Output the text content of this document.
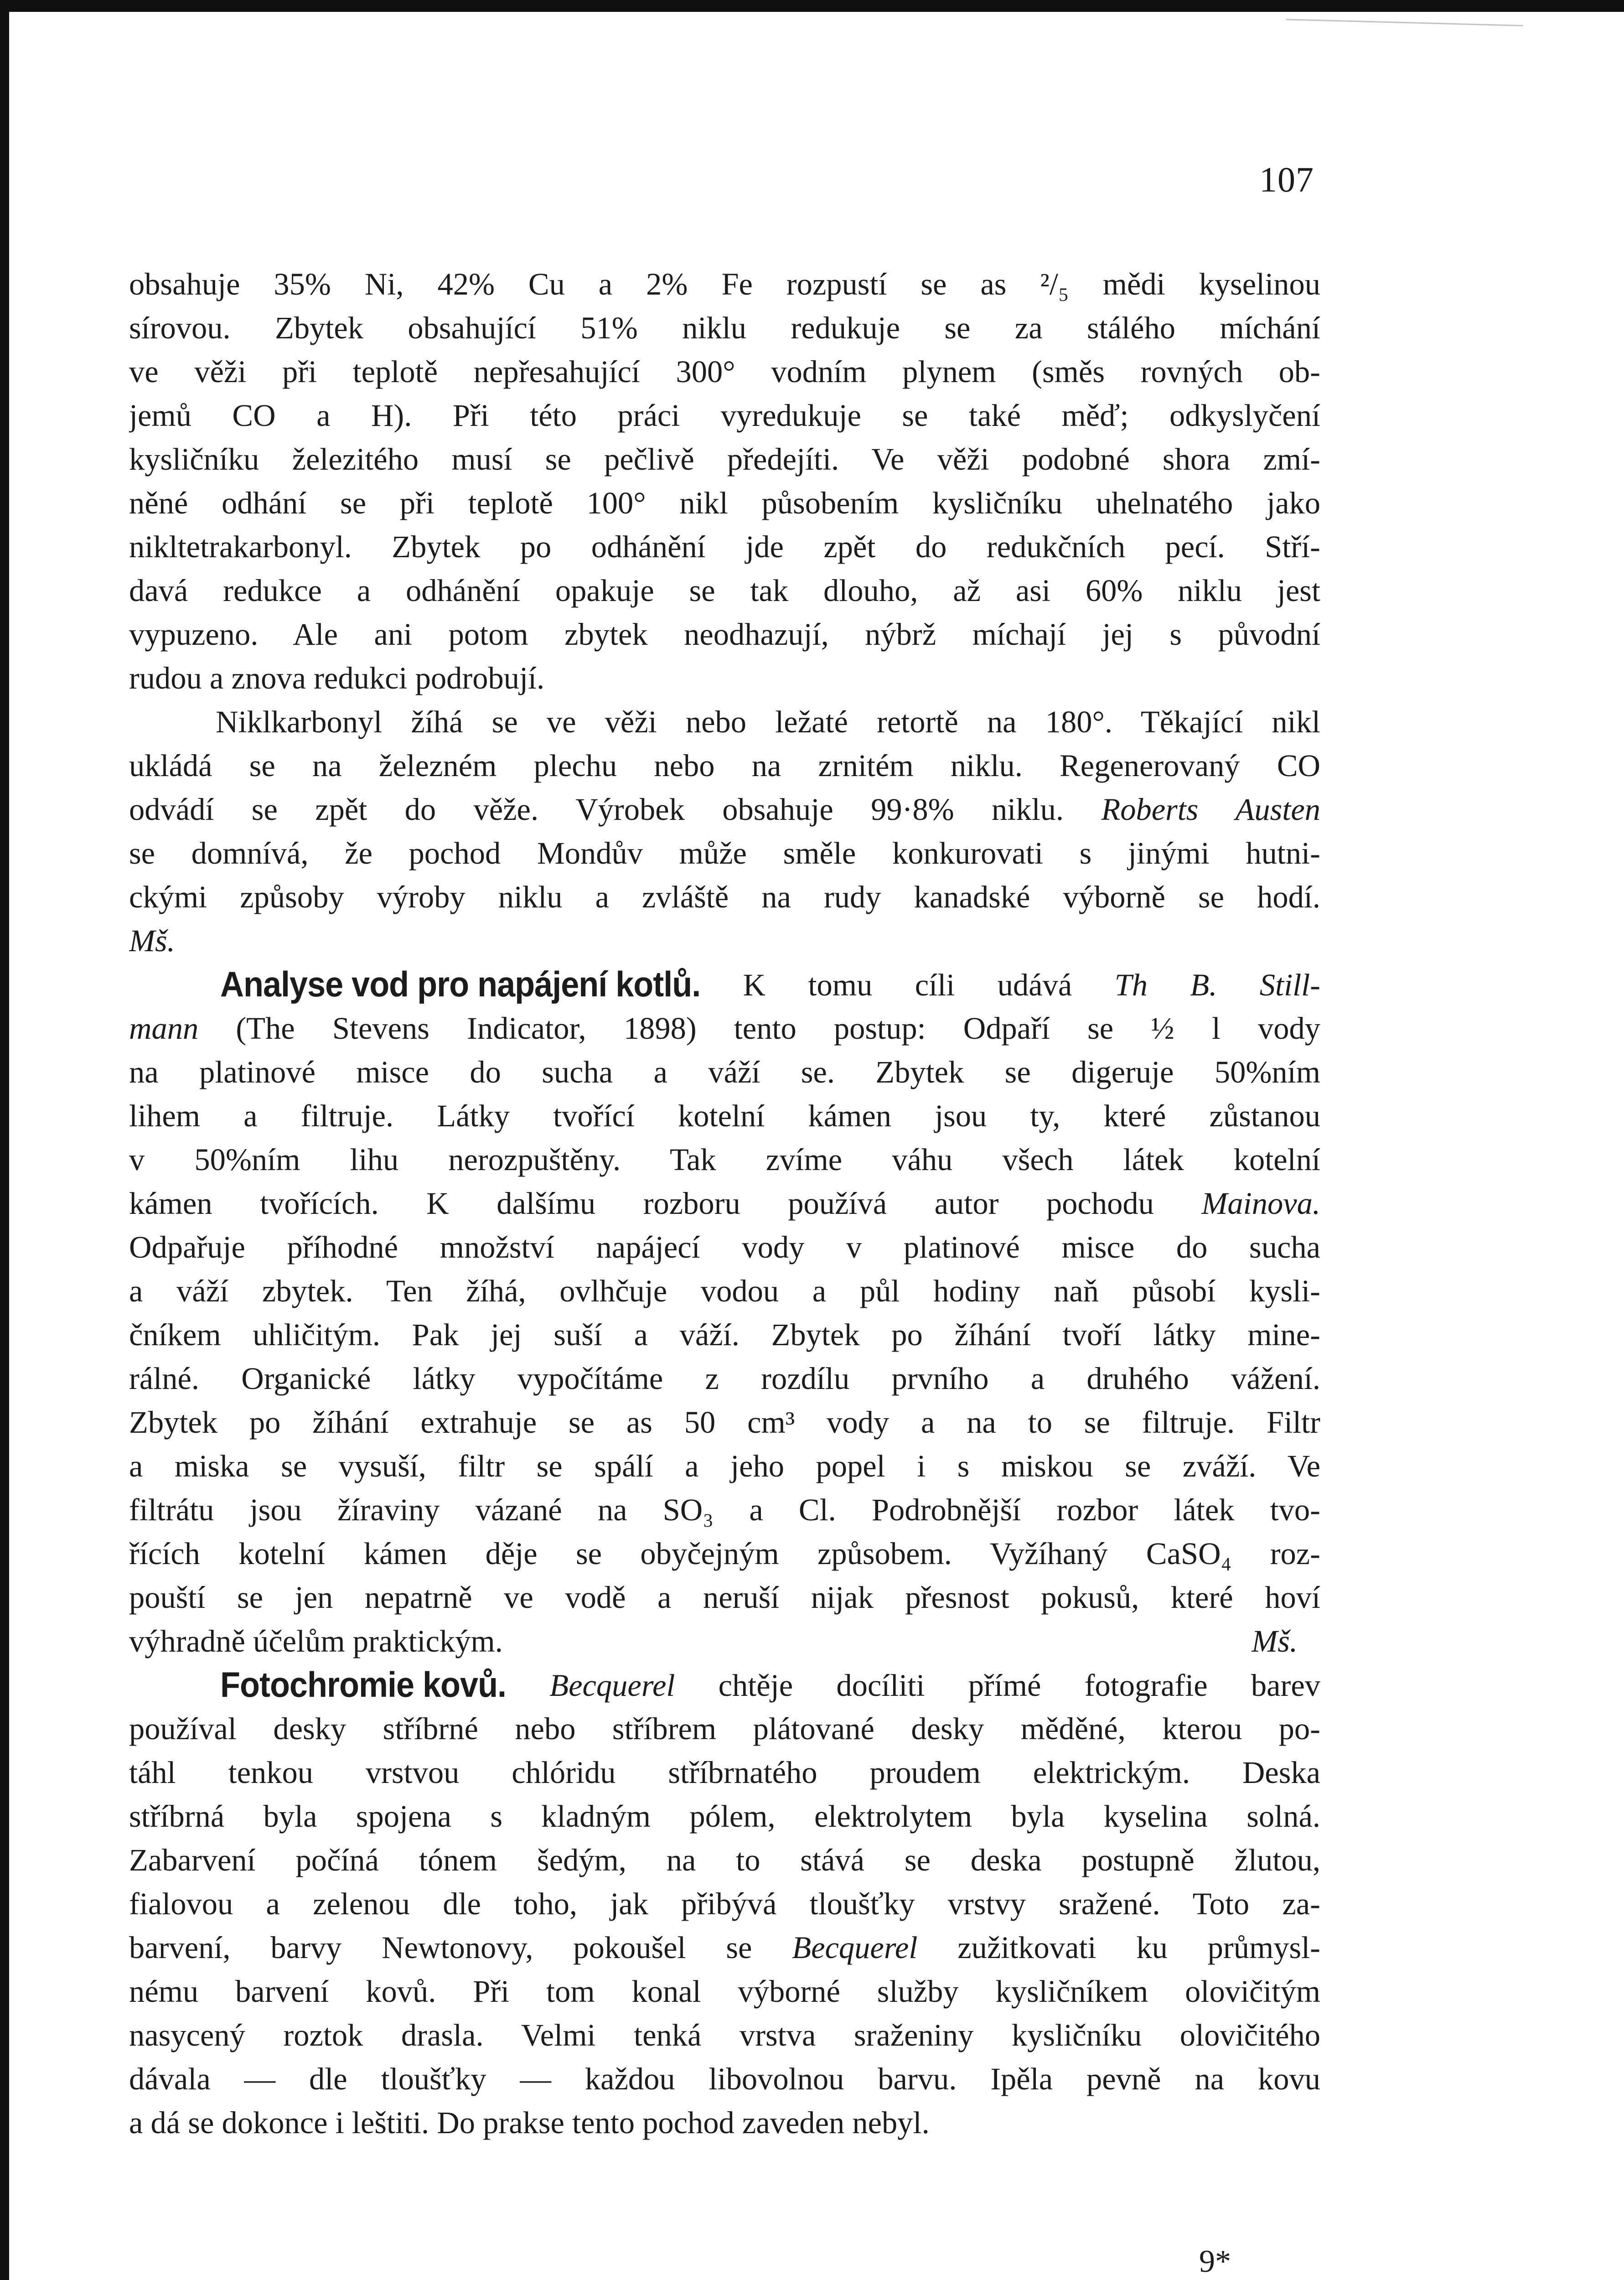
107

obsahuje 35% Ni, 42% Cu a 2% Fe rozpustí se as ²/₅ mědi kyselinou

sírovou. Zbytek obsahující 51% niklu redukuje se za stálého míchání

ve věži při teplotě nepřesahující 300° vodním plynem (směs rovných ob-

jemů CO a H). Při této práci vyredukuje se také měď; odkyslyčení

kysličníku železitého musí se pečlivě předejíti. Ve věži podobné shora zmí-

něné odhání se při teplotě 100° nikl působením kysličníku uhelnatého jako

nikltetrakarbonyl. Zbytek po odhánění jde zpět do redukčních pecí. Stří-

davá redukce a odhánění opakuje se tak dlouho, až asi 60% niklu jest

vypuzeno. Ale ani potom zbytek neodhazují, nýbrž míchají jej s původní

rudou a znova redukci podrobují.

Niklkarbonyl žíhá se ve věži nebo ležaté retortě na 180°. Těkající nikl

ukládá se na železném plechu nebo na zrnitém niklu. Regenerovaný CO

odvádí se zpět do věže. Výrobek obsahuje 99·8% niklu. Roberts Austen

se domnívá, že pochod Mondův může směle konkurovati s jinými hutni-

ckými způsoby výroby niklu a zvláště na rudy kanadské výborně se hodí.

Mš.

Analyse vod pro napájení kotlů. K tomu cíli udává Th B. Still-

mann (The Stevens Indicator, 1898) tento postup: Odpaří se ½ l vody

na platinové misce do sucha a váží se. Zbytek se digeruje 50%ním

lihem a filtruje. Látky tvořící kotelní kámen jsou ty, které zůstanou

v 50%ním lihu nerozpuštěny. Tak zvíme váhu všech látek kotelní

kámen tvořících. K dalšímu rozboru používá autor pochodu Mainova.

Odpařuje příhodné množství napájecí vody v platinové misce do sucha

a váží zbytek. Ten žíhá, ovlhčuje vodou a půl hodiny naň působí kysli-

čníkem uhličitým. Pak jej suší a váží. Zbytek po žíhání tvoří látky mine-

rálné. Organické látky vypočítáme z rozdílu prvního a druhého vážení.

Zbytek po žíhání extrahuje se as 50 cm³ vody a na to se filtruje. Filtr

a miska se vysuší, filtr se spálí a jeho popel i s miskou se zváží. Ve

filtrátu jsou žíraviny vázané na SO₃ a Cl. Podrobnější rozbor látek tvo-

řících kotelní kámen děje se obyčejným způsobem. Vyžíhaný CaSO₄ roz-

pouští se jen nepatrně ve vodě a neruší nijak přesnost pokusů, které hoví

výhradně účelům praktickým.	Mš.

Fotochromie kovů. Becquerel chtěje docíliti přímé fotografie barev

používal desky stříbrné nebo stříbrem plátované desky měděné, kterou po-

táhl tenkou vrstvou chlóridu stříbrnatého proudem elektrickým. Deska

stříbrná byla spojena s kladným pólem, elektrolytem byla kyselina solná.

Zabarvení počíná tónem šedým, na to stává se deska postupně žlutou,

fialovou a zelenou dle toho, jak přibývá tloušťky vrstvy sražené. Toto za-

barvení, barvy Newtonovy, pokoušel se Becquerel zužitkovati ku průmysl-

nému barvení kovů. Při tom konal výborné služby kysličníkem olovičitým

nasycený roztok drasla. Velmi tenká vrstva sraženiny kysličníku olovičitého

dávala — dle tloušťky — každou libovolnou barvu. Ipěla pevně na kovu

a dá se dokonce i leštiti. Do prakse tento pochod zaveden nebyl.

9*
